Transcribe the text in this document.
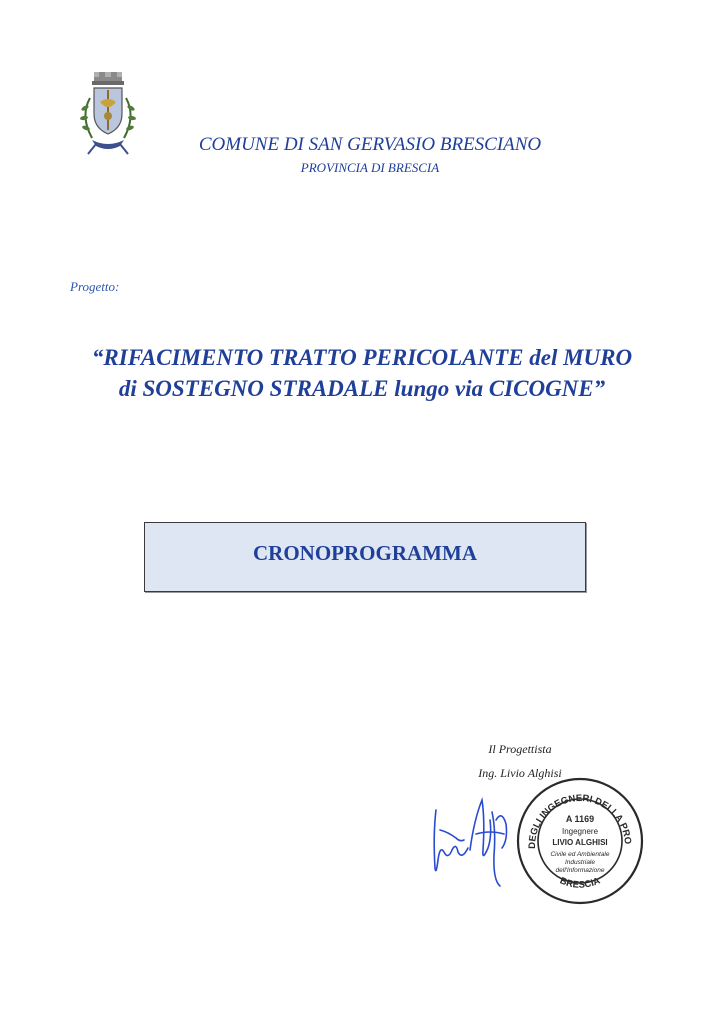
COMUNE DI SAN GERVASIO BRESCIANO
PROVINCIA DI BRESCIA
Progetto:
“RIFACIMENTO TRATTO PERICOLANTE del MURO
di SOSTEGNO STRADALE lungo via CICOGNE”
CRONOPROGRAMMA
Il Progettista
Ing. Livio Alghisi
DEGLI INGEGNERI DELLA PRO
BRESCIA
A 1169
Ingegnere
LIVIO ALGHISI
Civile ed Ambientale
Industriale
dell'Informazione
